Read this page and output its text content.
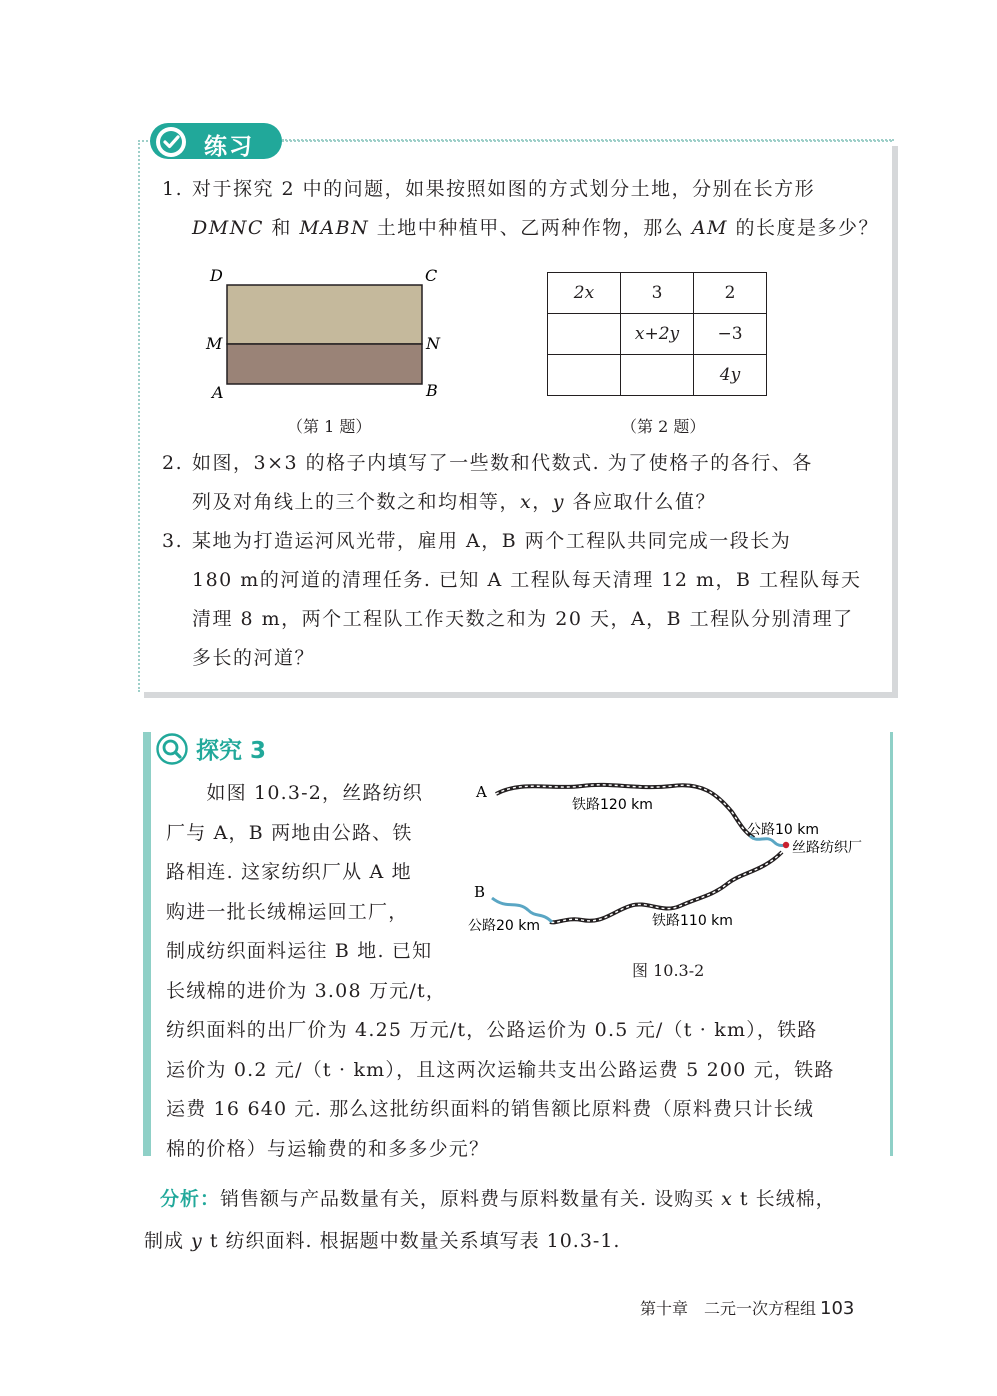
练习
1. 对于探究 2 中的问题，如果按照如图的方式划分土地，分别在长方形
DMNC 和 MABN 土地中种植甲、乙两种作物，那么 AM 的长度是多少？
D	C
M	N
A	B
（第 1 题）
2x	3	2
	x+2y	−3
		4y
（第 2 题）
2. 如图，3×3 的格子内填写了一些数和代数式. 为了使格子的各行、各
列及对角线上的三个数之和均相等，x，y 各应取什么值？
3. 某地为打造运河风光带，雇用 A，B 两个工程队共同完成一段长为
180 m的河道的清理任务. 已知 A 工程队每天清理 12 m，B 工程队每天
清理 8 m，两个工程队工作天数之和为 20 天，A，B 工程队分别清理了
多长的河道？
探究 3
　　如图 10.3-2，丝路纺织
厂与 A，B 两地由公路、铁
路相连. 这家纺织厂从 A 地
购进一批长绒棉运回工厂，
制成纺织面料运往 B 地. 已知
长绒棉的进价为 3.08 万元/t，
纺织面料的出厂价为 4.25 万元/t，公路运价为 0.5 元/（t · km），铁路
运价为 0.2 元/（t · km），且这两次运输共支出公路运费 5 200 元，铁路
运费 16 640 元. 那么这批纺织面料的销售额比原料费（原料费只计长绒
棉的价格）与运输费的和多多少元？
A
B
铁路120 km
公路10 km
丝路纺织厂
公路20 km	铁路110 km
图 10.3-2
分析：销售额与产品数量有关，原料费与原料数量有关. 设购买 x t 长绒棉，
制成 y t 纺织面料. 根据题中数量关系填写表 10.3-1.
第十章　二元一次方程组 103
